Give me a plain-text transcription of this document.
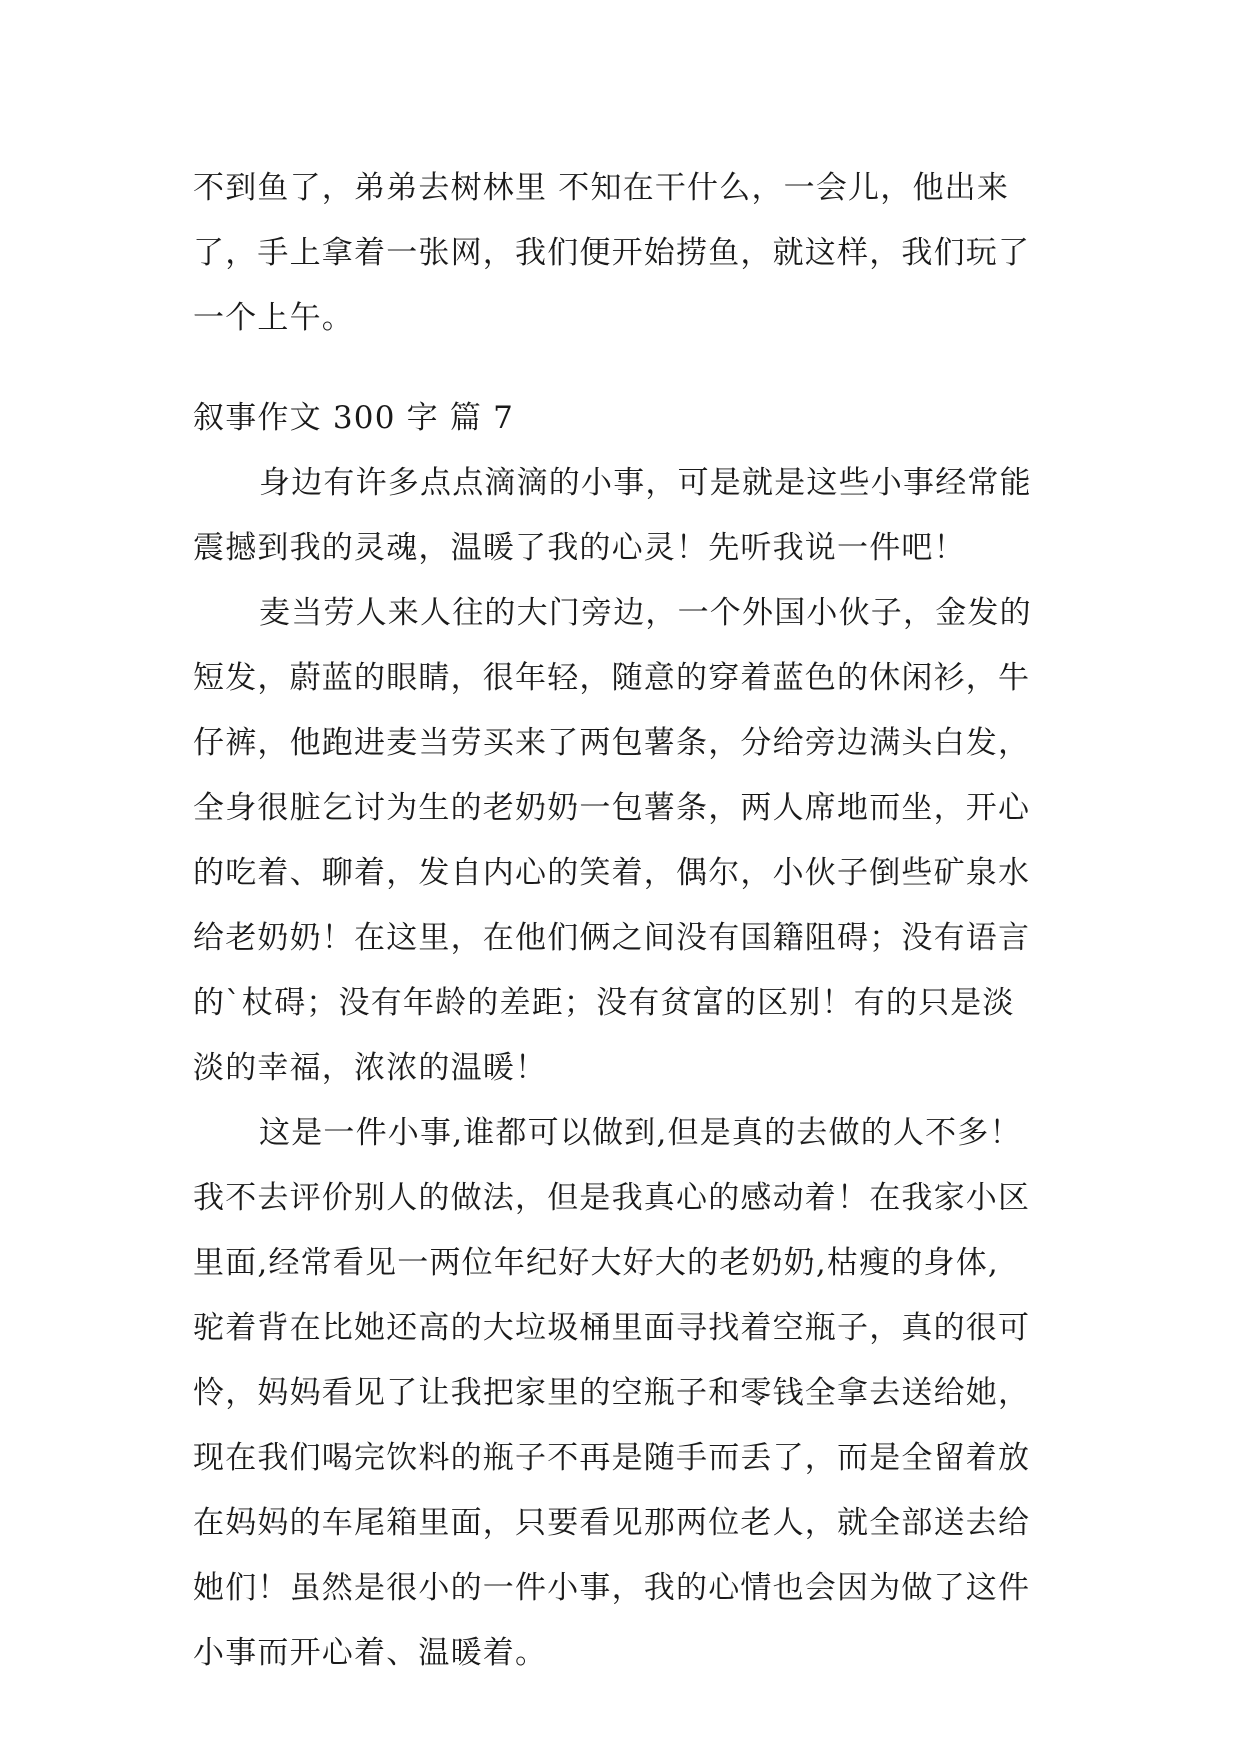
不到鱼了，弟弟去树林里 不知在干什么，一会儿，他出来
了，手上拿着一张网，我们便开始捞鱼，就这样，我们玩了
一个上午。
叙事作文 300 字 篇 7
身边有许多点点滴滴的小事，可是就是这些小事经常能
震撼到我的灵魂，温暖了我的心灵！先听我说一件吧！
麦当劳人来人往的大门旁边，一个外国小伙子，金发的
短发，蔚蓝的眼睛，很年轻，随意的穿着蓝色的休闲衫，牛
仔裤，他跑进麦当劳买来了两包薯条，分给旁边满头白发，
全身很脏乞讨为生的老奶奶一包薯条，两人席地而坐，开心
的吃着、聊着，发自内心的笑着，偶尔，小伙子倒些矿泉水
给老奶奶！在这里，在他们俩之间没有国籍阻碍；没有语言
的`杖碍；没有年龄的差距；没有贫富的区别！有的只是淡
淡的幸福，浓浓的温暖！
这是一件小事,谁都可以做到,但是真的去做的人不多！
我不去评价别人的做法，但是我真心的感动着！在我家小区
里面,经常看见一两位年纪好大好大的老奶奶,枯瘦的身体,
驼着背在比她还高的大垃圾桶里面寻找着空瓶子，真的很可
怜，妈妈看见了让我把家里的空瓶子和零钱全拿去送给她，
现在我们喝完饮料的瓶子不再是随手而丢了，而是全留着放
在妈妈的车尾箱里面，只要看见那两位老人，就全部送去给
她们！虽然是很小的一件小事，我的心情也会因为做了这件
小事而开心着、温暖着。
